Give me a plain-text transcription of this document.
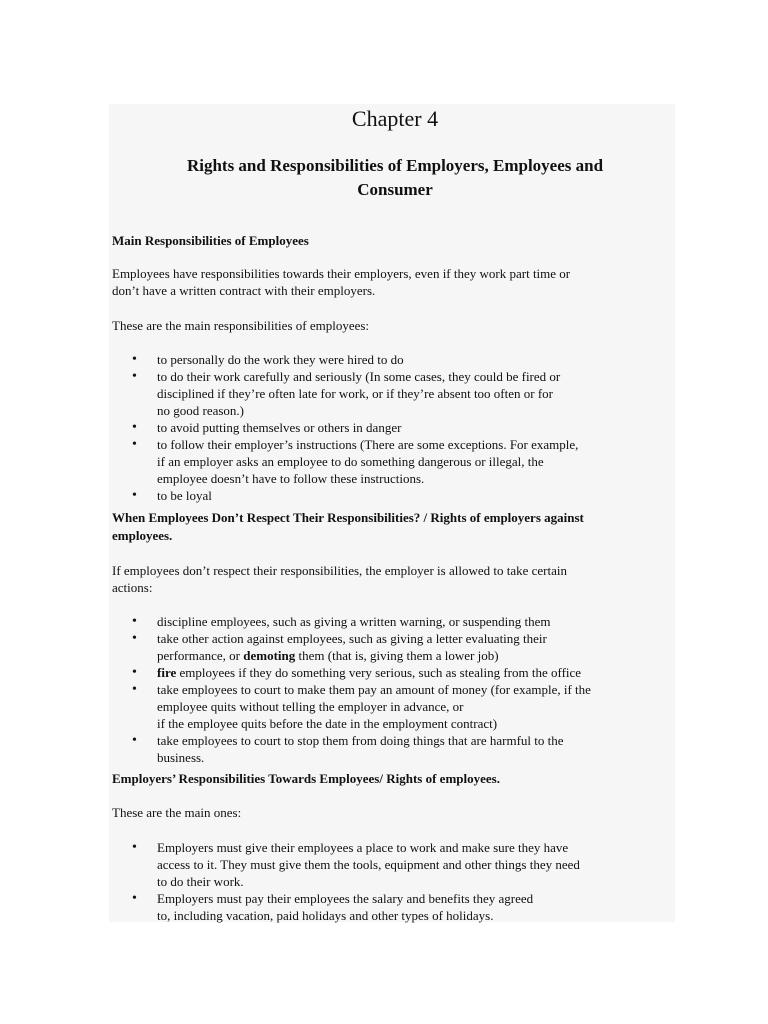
Chapter 4
Rights and Responsibilities of Employers, Employees and
Consumer
Main Responsibilities of Employees
Employees have responsibilities towards their employers, even if they work part time or
don’t have a written contract with their employers.
These are the main responsibilities of employees:
• to personally do the work they were hired to do
• to do their work carefully and seriously (In some cases, they could be fired or
disciplined if they’re often late for work, or if they’re absent too often or for
no good reason.)
• to avoid putting themselves or others in danger
• to follow their employer’s instructions (There are some exceptions. For example,
if an employer asks an employee to do something dangerous or illegal, the
employee doesn’t have to follow these instructions.
• to be loyal
When Employees Don’t Respect Their Responsibilities? / Rights of employers against
employees.
If employees don’t respect their responsibilities, the employer is allowed to take certain
actions:
• discipline employees, such as giving a written warning, or suspending them
• take other action against employees, such as giving a letter evaluating their
performance, or demoting them (that is, giving them a lower job)
• fire employees if they do something very serious, such as stealing from the office
• take employees to court to make them pay an amount of money (for example, if the
employee quits without telling the employer in advance, or
if the employee quits before the date in the employment contract)
• take employees to court to stop them from doing things that are harmful to the
business.
Employers’ Responsibilities Towards Employees/ Rights of employees.
These are the main ones:
• Employers must give their employees a place to work and make sure they have
access to it. They must give them the tools, equipment and other things they need
to do their work.
• Employers must pay their employees the salary and benefits they agreed
to, including vacation, paid holidays and other types of holidays.
